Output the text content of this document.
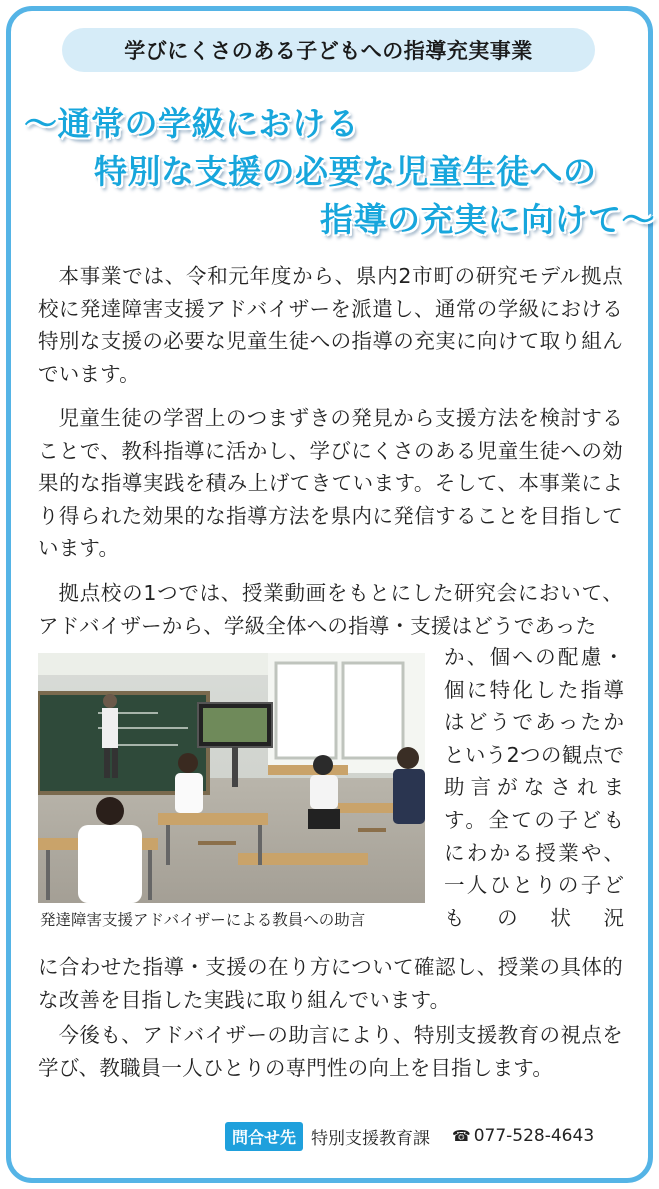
学びにくさのある子どもへの指導充実事業
〜通常の学級における
特別な支援の必要な児童生徒への
指導の充実に向けて〜

本事業では、令和元年度から、県内2市町の研究モデル拠点校に発達障害支援アドバイザーを派遣し、通常の学級における特別な支援の必要な児童生徒への指導の充実に向けて取り組んでいます。

児童生徒の学習上のつまずきの発見から支援方法を検討することで、教科指導に活かし、学びにくさのある児童生徒への効果的な指導実践を積み上げてきています。そして、本事業により得られた効果的な指導方法を県内に発信することを目指しています。

拠点校の1つでは、授業動画をもとにした研究会において、アドバイザーから、学級全体への指導・支援はどうであった

発達障害支援アドバイザーによる教員への助言

か、個への配慮・個に特化した指導はどうであったかという2つの観点で助言がなされます。全ての子どもにわかる授業や、一人ひとりの子どもの状況

に合わせた指導・支援の在り方について確認し、授業の具体的な改善を目指した実践に取り組んでいます。

今後も、アドバイザーの助言により、特別支援教育の視点を学び、教職員一人ひとりの専門性の向上を目指します。

問合せ先 特別支援教育課 ☎ 077-528-4643
